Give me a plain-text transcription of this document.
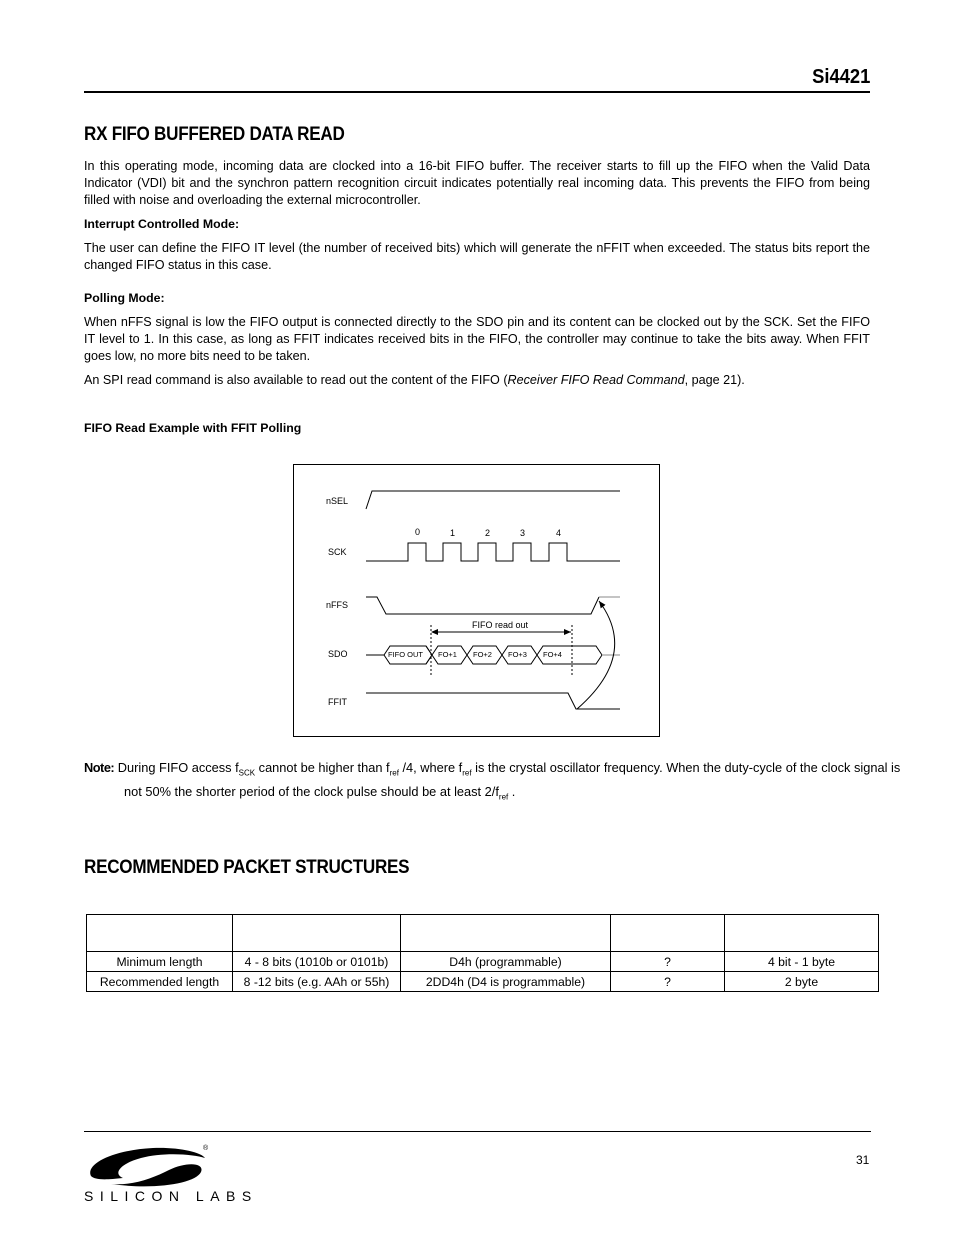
Si4421
RX FIFO BUFFERED DATA READ

In this operating mode, incoming data are clocked into a 16-bit FIFO buffer. The receiver starts to fill up the FIFO when the Valid Data Indicator (VDI) bit and the synchron pattern recognition circuit indicates potentially real incoming data. This prevents the FIFO from being filled with noise and overloading the external microcontroller.

Interrupt Controlled Mode:

The user can define the FIFO IT level (the number of received bits) which will generate the nFFIT when exceeded. The status bits report the changed FIFO status in this case.

Polling Mode:

When nFFS signal is low the FIFO output is connected directly to the SDO pin and its content can be clocked out by the SCK. Set the FIFO IT level to 1. In this case, as long as FFIT indicates received bits in the FIFO, the controller may continue to take the bits away. When FFIT goes low, no more bits need to be taken.

An SPI read command is also available to read out the content of the FIFO (Receiver FIFO Read Command, page 21).

FIFO Read Example with FFIT Polling

nSEL
SCK
nFFS
SDO
FFIT
0	1	2	3	4
FIFO read out
FIFO OUT FO+1 FO+2 FO+3 FO+4
Note: During FIFO access $f_{SCK}$ cannot be higher than $f_{ref}$ /4, where $f_{ref}$ is the crystal oscillator frequency. When the duty-cycle of the clock signal is not 50% the shorter period of the clock pulse should be at least $2/f_{ref}$ .
RECOMMENDED PACKET STRUCTURES

Minimum length	4 - 8 bits (1010b or 0101b)	D4h (programmable)	?	4 bit - 1 byte
Recommended length	8 -12 bits (e.g. AAh or 55h)	2DD4h (D4 is programmable)	?	2 byte
®
SILICON LABS
31
